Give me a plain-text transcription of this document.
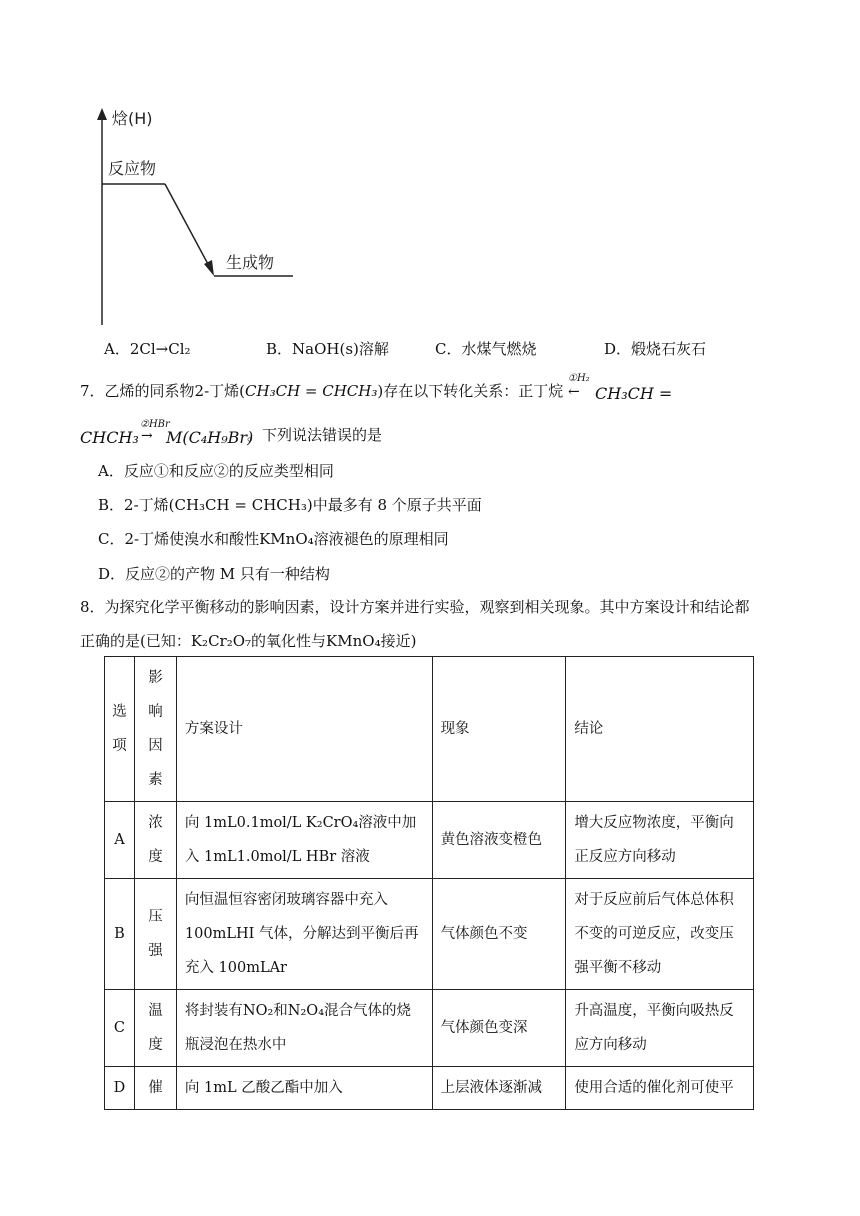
焓(H)
反应物
生成物
A．2Cl→Cl₂	B．NaOH(s)溶解	C．水煤气燃烧	D．煅烧石灰石
7．乙烯的同系物2-丁烯(CH₃CH = CHCH₃)存在以下转化关系：正丁烷
①H₂
← CH₃CH =
CHCH₃
②HBr
→ M(C₄H₉Br)
。下列说法错误的是
A．反应①和反应②的反应类型相同
B．2-丁烯(CH₃CH = CHCH₃)中最多有 8 个原子共平面
C．2-丁烯使溴水和酸性KMnO₄溶液褪色的原理相同
D．反应②的产物 M 只有一种结构
8．为探究化学平衡移动的影响因素，设计方案并进行实验，观察到相关现象。其中方案设计和结论都
正确的是(已知：K₂Cr₂O₇的氧化性与KMnO₄接近)
选项	影响因素	方案设计	现象	结论
A	浓度	向 1mL0.1mol/L K₂CrO₄溶液中加入 1mL1.0mol/L HBr 溶液	黄色溶液变橙色	增大反应物浓度，平衡向正反应方向移动
B	压强	向恒温恒容密闭玻璃容器中充入100mLHI 气体，分解达到平衡后再充入 100mLAr	气体颜色不变	对于反应前后气体总体积不变的可逆反应，改变压强平衡不移动
C	温度	将封装有NO₂和N₂O₄混合气体的烧瓶浸泡在热水中	气体颜色变深	升高温度，平衡向吸热反应方向移动
D	催	向 1mL 乙酸乙酯中加入	上层液体逐渐减	使用合适的催化剂可使平
